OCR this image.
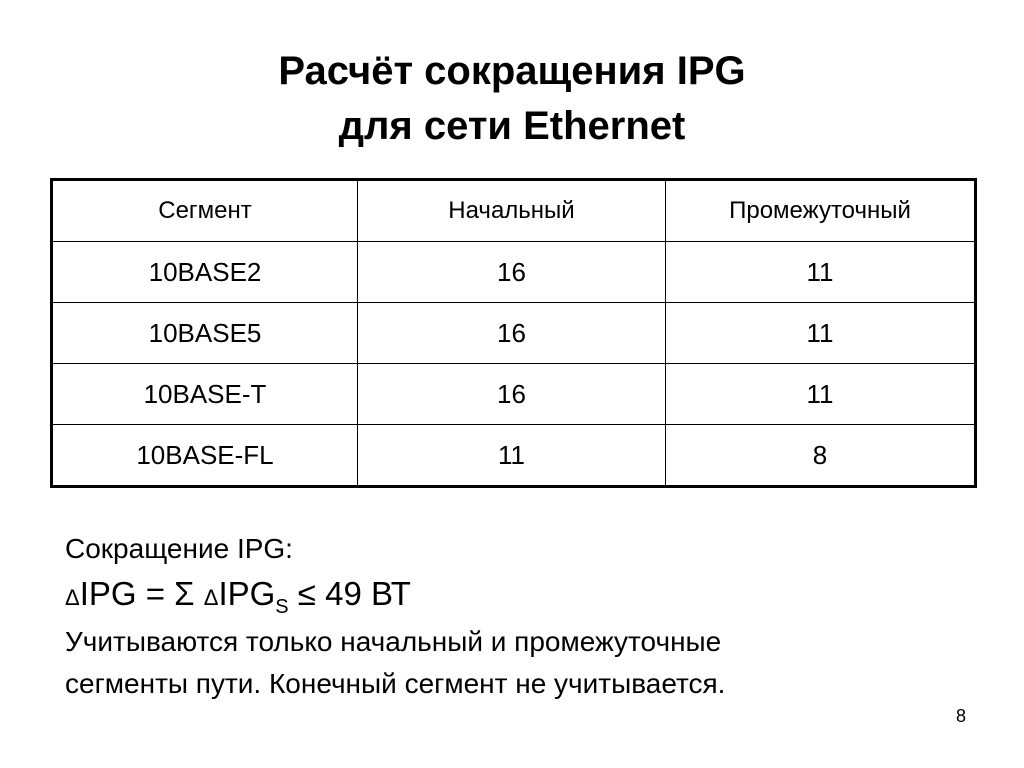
Расчёт сокращения IPG
для сети Ethernet
Сегмент	Начальный	Промежуточный
10BASE2	16	11
10BASE5	16	11
10BASE-T	16	11
10BASE-FL	11	8
Сокращение IPG:
ΔIPG = Σ $\Delta IPG_S \le 49$ ВТ
Учитываются только начальный и промежуточные
сегменты пути. Конечный сегмент не учитывается.
8
